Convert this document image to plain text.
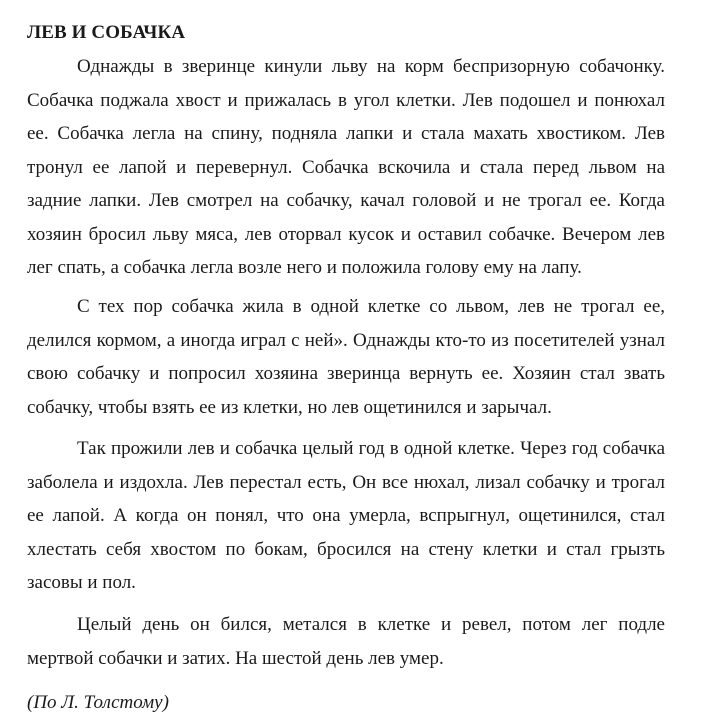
ЛЕВ И СОБАЧКА

Однажды в зверинце кинули льву на корм беспризорную собачонку. Собачка поджала хвост и прижалась в угол клетки. Лев подошел и понюхал ее. Собачка легла на спину, подняла лапки и стала махать хвостиком. Лев тронул ее лапой и перевернул. Собачка вскочила и стала перед львом на задние лапки. Лев смотрел на собачку, качал головой и не трогал ее. Когда хозяин бросил льву мяса, лев оторвал кусок и оставил собачке. Вечером лев лег спать, а собачка легла возле него и положила голову ему на лапу.

С тех пор собачка жила в одной клетке со львом, лев не трогал ее, делился кормом, а иногда играл с ней». Однажды кто-то из посетителей узнал свою собачку и попросил хозяина зверинца вернуть ее. Хозяин стал звать собачку, чтобы взять ее из клетки, но лев ощетинился и зарычал.

Так прожили лев и собачка целый год в одной клетке. Через год собачка заболела и издохла. Лев перестал есть, Он все нюхал, лизал собачку и трогал ее лапой. А когда он понял, что она умерла, вспрыгнул, ощетинился, стал хлестать себя хвостом по бокам, бросился на стену клетки и стал грызть засовы и пол.

Целый день он бился, метался в клетке и ревел, потом лег подле мертвой собачки и затих. На шестой день лев умер.

(По Л. Толстому)
